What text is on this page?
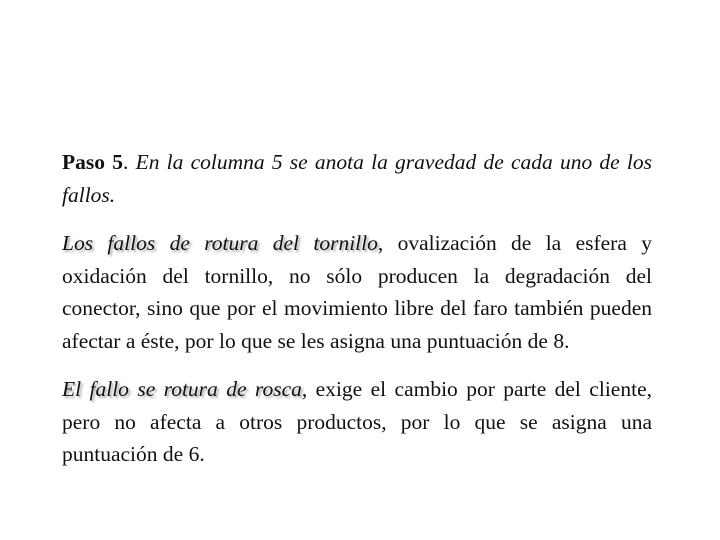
Paso 5. En la columna 5 se anota la gravedad de cada uno de los fallos.

Los fallos de rotura del tornillo, ovalización de la esfera y oxidación del tornillo, no sólo producen la degradación del conector, sino que por el movimiento libre del faro también pueden afectar a éste, por lo que se les asigna una puntuación de 8.

El fallo se rotura de rosca, exige el cambio por parte del cliente, pero no afecta a otros productos, por lo que se asigna una puntuación de 6.
